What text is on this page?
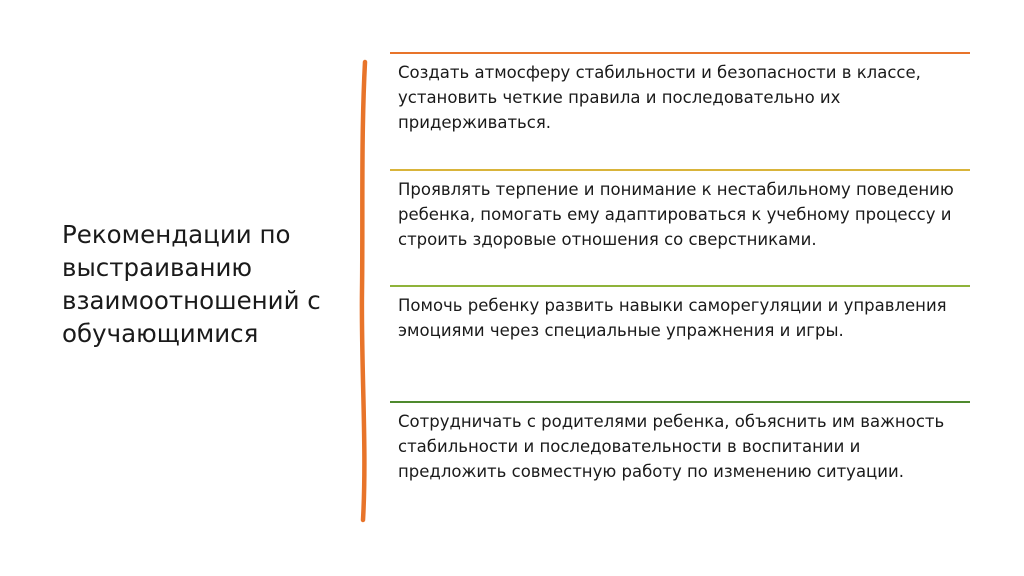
Рекомендации по выстраиванию взаимоотношений с обучающимися

Создать атмосферу стабильности и безопасности в классе, установить четкие правила и последовательно их придерживаться.

Проявлять терпение и понимание к нестабильному поведению ребенка, помогать ему адаптироваться к учебному процессу и строить здоровые отношения со сверстниками.

Помочь ребенку развить навыки саморегуляции и управления эмоциями через специальные упражнения и игры.

Сотрудничать с родителями ребенка, объяснить им важность стабильности и последовательности в воспитании и предложить совместную работу по изменению ситуации.
